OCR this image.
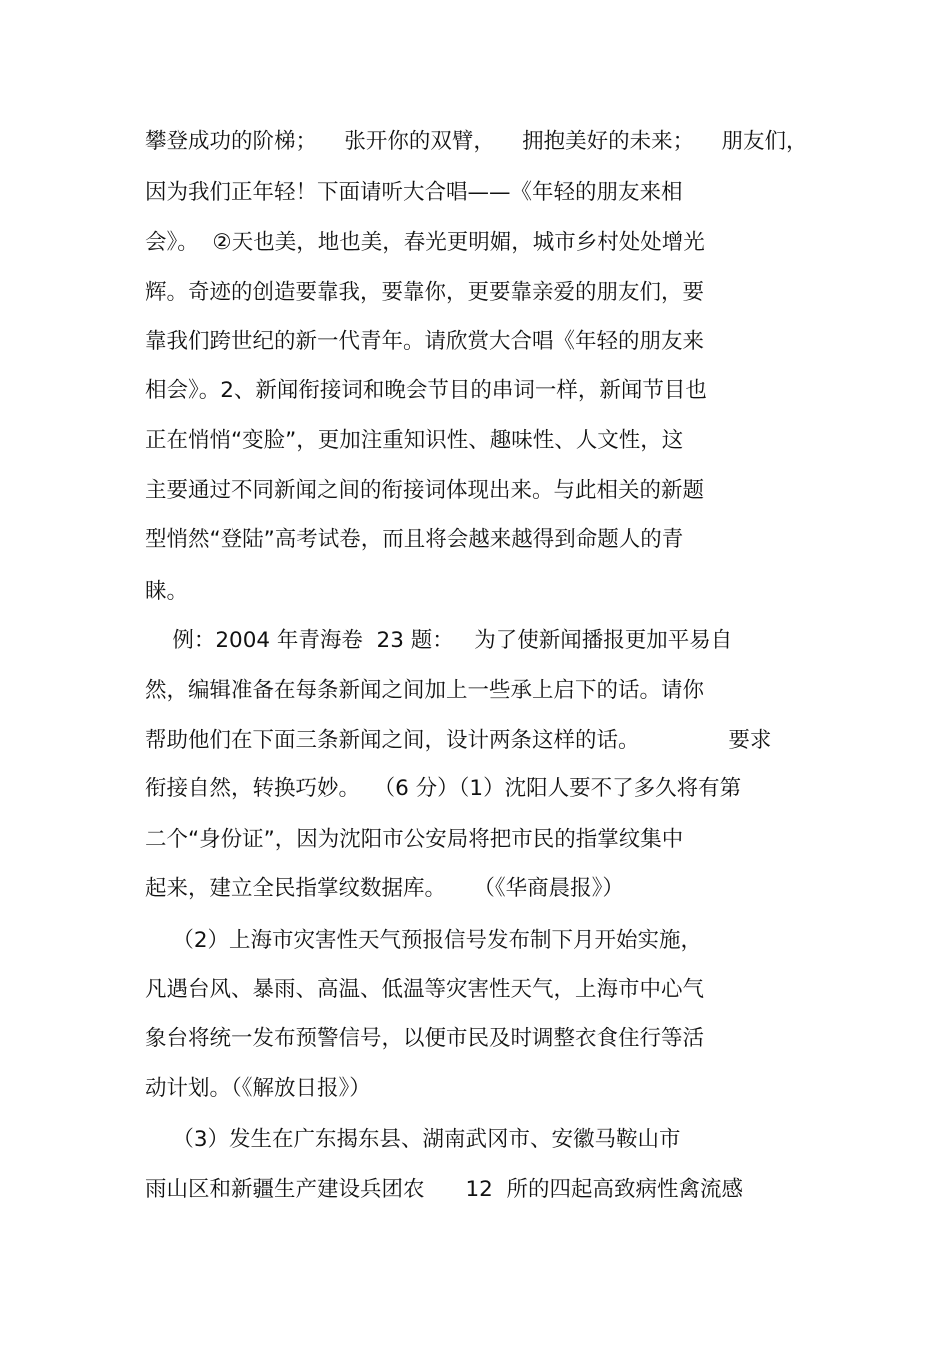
攀登成功的阶梯；    张开你的双臂，    拥抱美好的未来；    朋友们，
因为我们正年轻！下面请听大合唱——《年轻的朋友来相
会》。  ②天也美，地也美，春光更明媚，城市乡村处处增光
辉。奇迹的创造要靠我，要靠你，更要靠亲爱的朋友们，要
靠我们跨世纪的新一代青年。请欣赏大合唱《年轻的朋友来
相会》。2、新闻衔接词和晚会节目的串词一样，新闻节目也
正在悄悄“变脸”，更加注重知识性、趣味性、人文性，这
主要通过不同新闻之间的衔接词体现出来。与此相关的新题
型悄然“登陆”高考试卷，而且将会越来越得到命题人的青
睐。
例：2004 年青海卷  23 题：   为了使新闻播报更加平易自
然，编辑准备在每条新闻之间加上一些承上启下的话。请你
帮助他们在下面三条新闻之间，设计两条这样的话。             要求
衔接自然，转换巧妙。  （6 分）（1）沈阳人要不了多久将有第
二个“身份证”，因为沈阳市公安局将把市民的指掌纹集中
起来，建立全民指掌纹数据库。    （《华商晨报》）
（2）上海市灾害性天气预报信号发布制下月开始实施，
凡遇台风、暴雨、高温、低温等灾害性天气，上海市中心气
象台将统一发布预警信号，以便市民及时调整衣食住行等活
动计划。（《解放日报》）
（3）发生在广东揭东县、湖南武冈市、安徽马鞍山市
雨山区和新疆生产建设兵团农      12  所的四起高致病性禽流感
